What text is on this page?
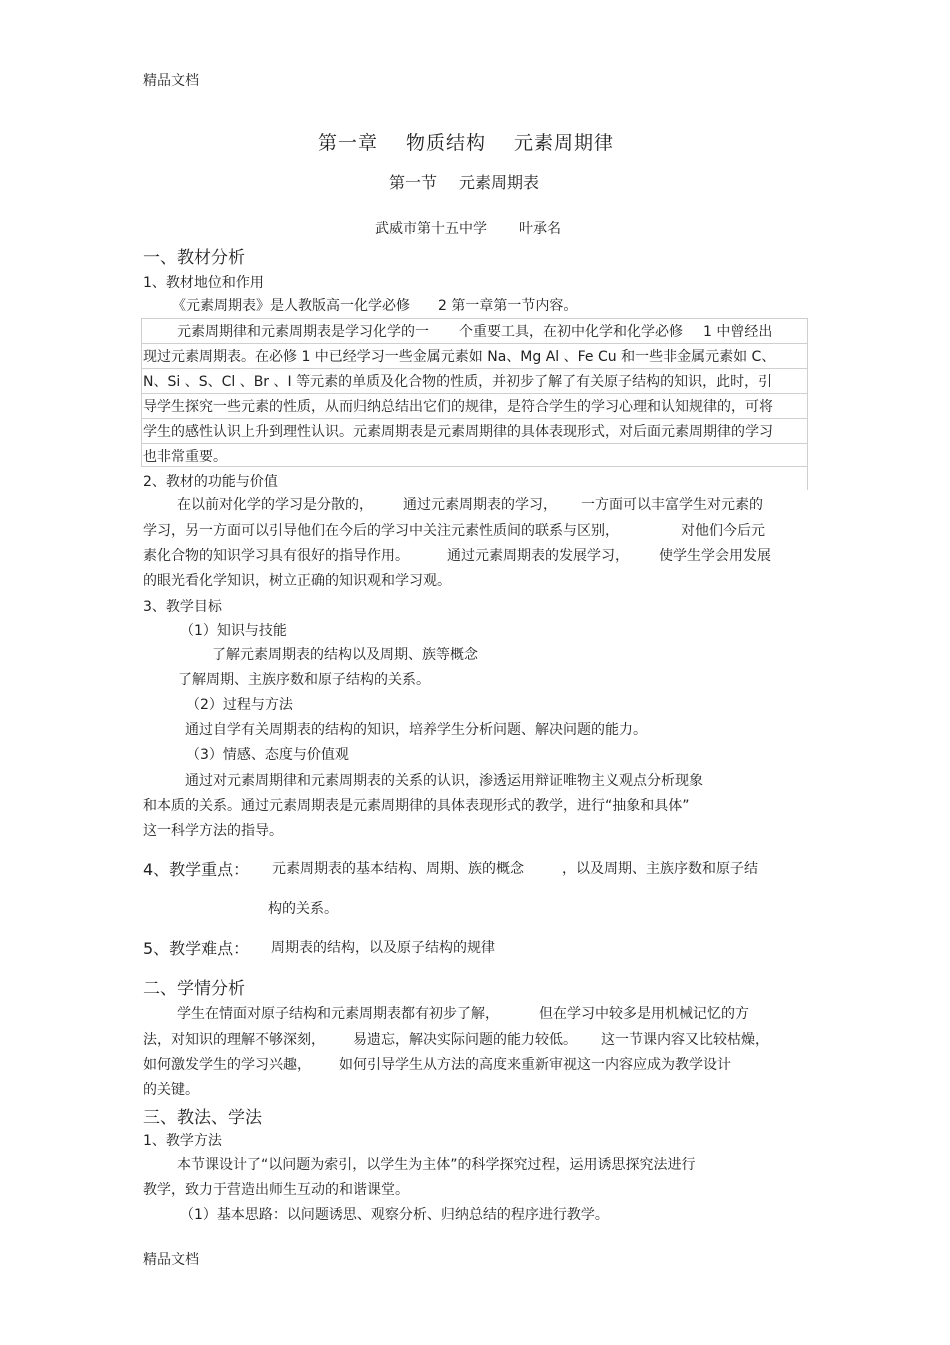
精品文档
第一章 物质结构 元素周期律
第一节 元素周期表
武威市第十五中学 叶承名
一、教材分析
1、教材地位和作用
《元素周期表》是人教版高一化学必修 2 第一章第一节内容。
元素周期律和元素周期表是学习化学的一 个重要工具，在初中化学和化学必修 1 中曾经出
现过元素周期表。在必修 1 中已经学习一些金属元素如 Na、Mg Al 、Fe Cu 和一些非金属元素如 C、
N、Si 、S、Cl 、Br 、I 等元素的单质及化合物的性质，并初步了解了有关原子结构的知识，此时，引
导学生探究一些元素的性质，从而归纳总结出它们的规律，是符合学生的学习心理和认知规律的，可将
学生的感性认识上升到理性认识。元素周期表是元素周期律的具体表现形式，对后面元素周期律的学习
也非常重要。
2、教材的功能与价值
在以前对化学的学习是分散的， 通过元素周期表的学习， 一方面可以丰富学生对元素的
学习，另一方面可以引导他们在今后的学习中关注元素性质间的联系与区别，	对他们今后元
素化合物的知识学习具有很好的指导作用。	通过元素周期表的发展学习， 使学生学会用发展
的眼光看化学知识，树立正确的知识观和学习观。
3、教学目标
（1）知识与技能
了解元素周期表的结构以及周期、族等概念
了解周期、主族序数和原子结构的关系。
（2）过程与方法
通过自学有关周期表的结构的知识，培养学生分析问题、解决问题的能力。
（3）情感、态度与价值观
通过对元素周期律和元素周期表的关系的认识，渗透运用辩证唯物主义观点分析现象
和本质的关系。通过元素周期表是元素周期律的具体表现形式的教学，进行“抽象和具体”
这一科学方法的指导。
4、教学重点： 元素周期表的基本结构、周期、族的概念	，以及周期、主族序数和原子结
构的关系。
5、教学难点： 周期表的结构，以及原子结构的规律
二、学情分析
学生在情面对原子结构和元素周期表都有初步了解，	但在学习中较多是用机械记忆的方
法，对知识的理解不够深刻， 易遗忘，解决实际问题的能力较低。 这一节课内容又比较枯燥，
如何激发学生的学习兴趣， 如何引导学生从方法的高度来重新审视这一内容应成为教学设计
的关键。
三、教法、学法
1、教学方法
本节课设计了“以问题为索引，以学生为主体”的科学探究过程，运用诱思探究法进行
教学，致力于营造出师生互动的和谐课堂。
（1）基本思路：以问题诱思、观察分析、归纳总结的程序进行教学。
精品文档
